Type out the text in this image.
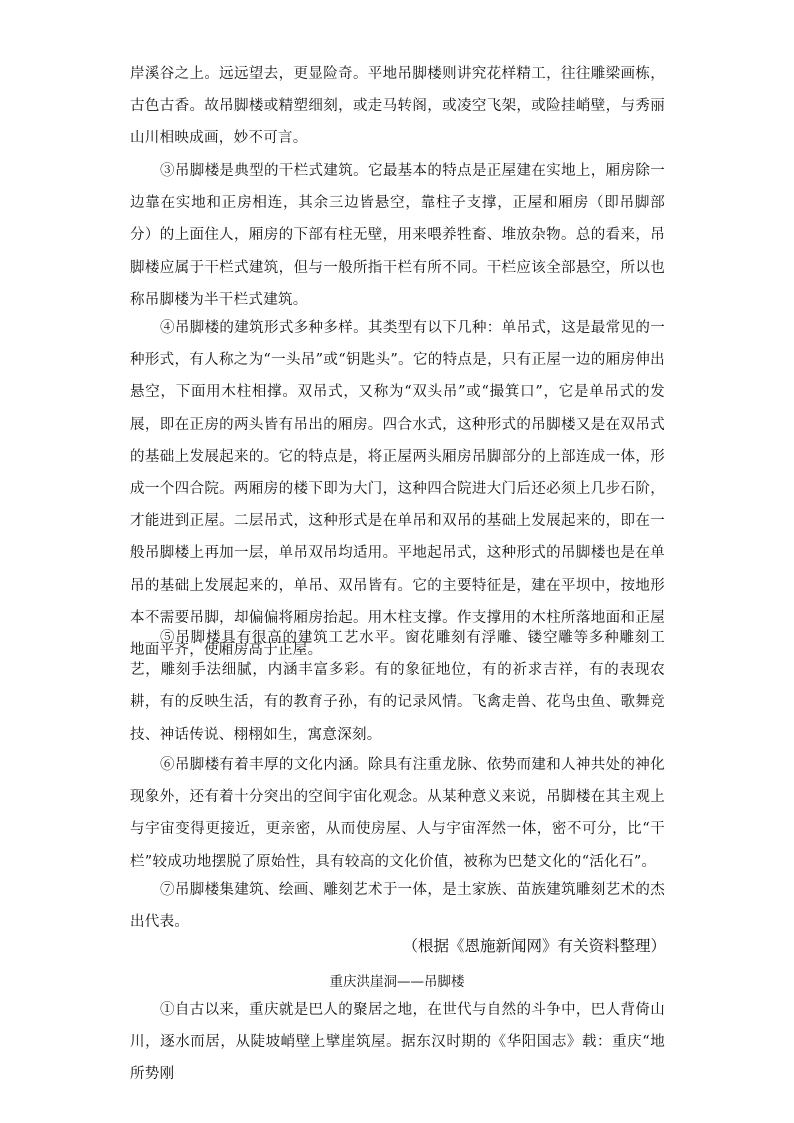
岸溪谷之上。远远望去，更显险奇。平地吊脚楼则讲究花样精工，往往雕梁画栋，古色古香。故吊脚楼或精塑细刻，或走马转阁，或凌空飞架，或险挂峭壁，与秀丽山川相映成画，妙不可言。

③吊脚楼是典型的干栏式建筑。它最基本的特点是正屋建在实地上，厢房除一边靠在实地和正房相连，其余三边皆悬空，靠柱子支撑，正屋和厢房（即吊脚部分）的上面住人，厢房的下部有柱无壁，用来喂养牲畜、堆放杂物。总的看来，吊脚楼应属于干栏式建筑，但与一般所指干栏有所不同。干栏应该全部悬空，所以也称吊脚楼为半干栏式建筑。

④吊脚楼的建筑形式多种多样。其类型有以下几种：单吊式，这是最常见的一种形式，有人称之为“一头吊”或“钥匙头”。它的特点是，只有正屋一边的厢房伸出悬空，下面用木柱相撑。双吊式，又称为“双头吊”或“撮箕口”，它是单吊式的发展，即在正房的两头皆有吊出的厢房。四合水式，这种形式的吊脚楼又是在双吊式的基础上发展起来的。它的特点是，将正屋两头厢房吊脚部分的上部连成一体，形成一个四合院。两厢房的楼下即为大门，这种四合院进大门后还必须上几步石阶，才能进到正屋。二层吊式，这种形式是在单吊和双吊的基础上发展起来的，即在一般吊脚楼上再加一层，单吊双吊均适用。平地起吊式，这种形式的吊脚楼也是在单吊的基础上发展起来的，单吊、双吊皆有。它的主要特征是，建在平坝中，按地形本不需要吊脚，却偏偏将厢房抬起。用木柱支撑。作支撑用的木柱所落地面和正屋地面平齐，使厢房高于正屋。

⑤吊脚楼具有很高的建筑工艺水平。窗花雕刻有浮雕、镂空雕等多种雕刻工艺，雕刻手法细腻，内涵丰富多彩。有的象征地位，有的祈求吉祥，有的表现农耕，有的反映生活，有的教育子孙，有的记录风情。飞禽走兽、花鸟虫鱼、歌舞竞技、神话传说、栩栩如生，寓意深刻。

⑥吊脚楼有着丰厚的文化内涵。除具有注重龙脉、依势而建和人神共处的神化现象外，还有着十分突出的空间宇宙化观念。从某种意义来说，吊脚楼在其主观上与宇宙变得更接近，更亲密，从而使房屋、人与宇宙浑然一体，密不可分，比“干栏”较成功地摆脱了原始性，具有较高的文化价值，被称为巴楚文化的“活化石”。

⑦吊脚楼集建筑、绘画、雕刻艺术于一体，是土家族、苗族建筑雕刻艺术的杰出代表。

（根据《恩施新闻网》有关资料整理）

重庆洪崖洞——吊脚楼

①自古以来，重庆就是巴人的聚居之地，在世代与自然的斗争中，巴人背倚山川，逐水而居，从陡坡峭壁上擘崖筑屋。据东汉时期的《华阳国志》载：重庆“地所势刚
